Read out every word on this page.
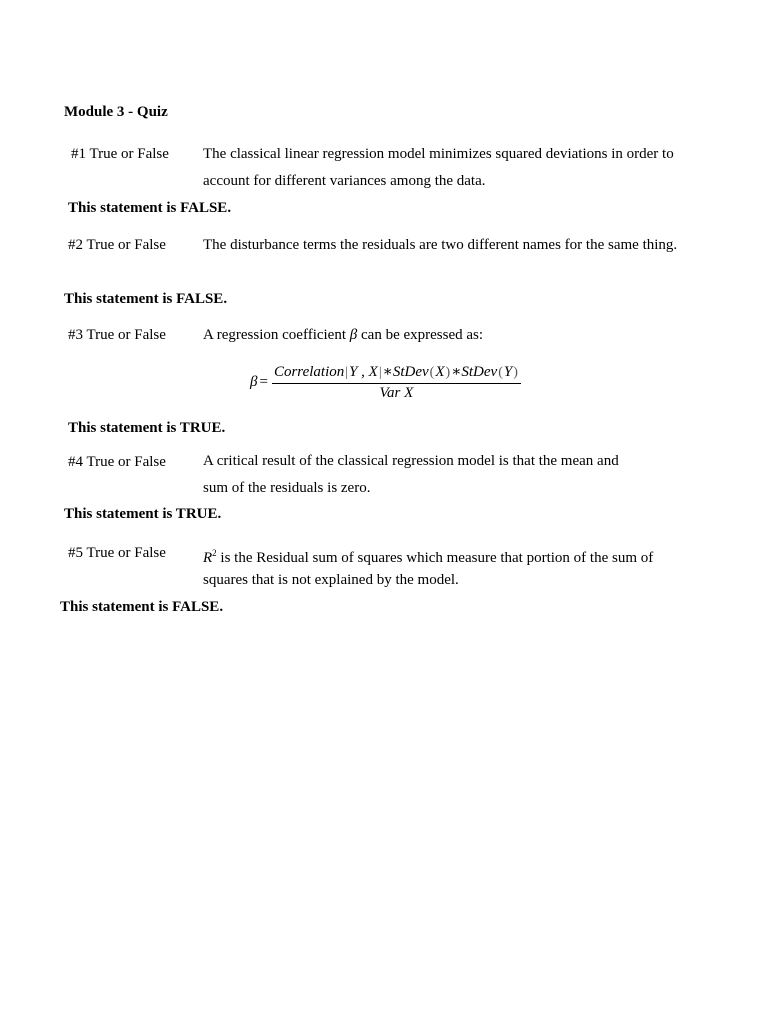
Module 3 - Quiz
#1 True or False The classical linear regression model minimizes squared deviations in order to
account for different variances among the data.
This statement is FALSE.
#2 True or False The disturbance terms the residuals are two different names for the same thing.
This statement is FALSE.
#3 True or False A regression coefficient β can be expressed as:
$\beta = \frac{\text{Correlation|Y , X|∗StDev(X)∗StDev(Y)}}{\text{Var X}}$
This statement is TRUE.
#4 True or False A critical result of the classical regression model is that the mean and
sum of the residuals is zero.
This statement is TRUE.
#5 True or False $R^2$ is the Residual sum of squares which measure that portion of the sum of
squares that is not explained by the model.
This statement is FALSE.
